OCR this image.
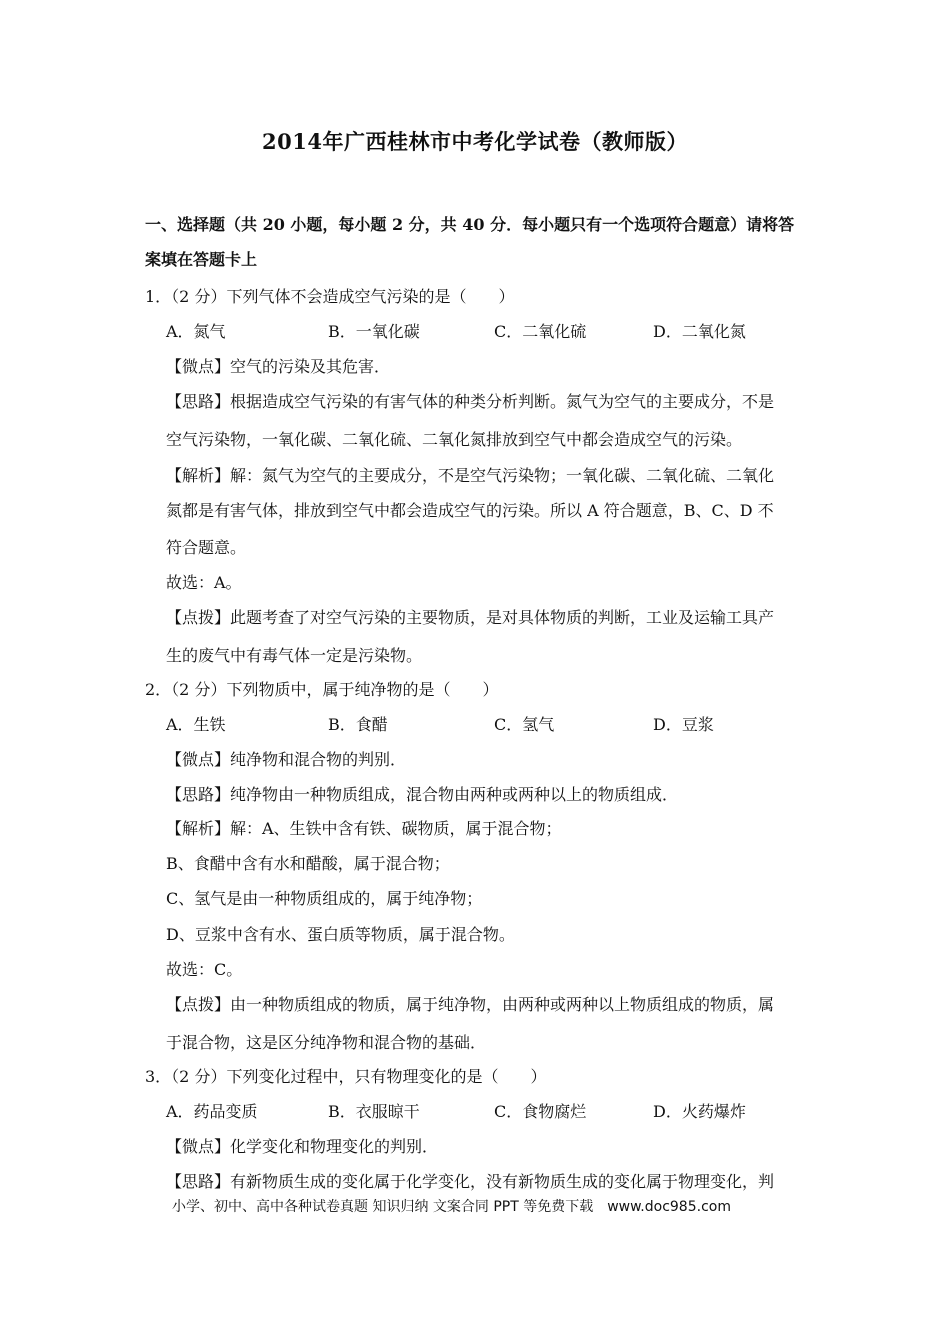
2014年广西桂林市中考化学试卷（教师版）
一、选择题（共 20 小题，每小题 2 分，共 40 分．每小题只有一个选项符合题意）请将答
案填在答题卡上
1．（2 分）下列气体不会造成空气污染的是（　　）
A．氮气	B．一氧化碳	C．二氧化硫	D．二氧化氮
【微点】空气的污染及其危害．
【思路】根据造成空气污染的有害气体的种类分析判断。氮气为空气的主要成分，不是
空气污染物，一氧化碳、二氧化硫、二氧化氮排放到空气中都会造成空气的污染。
【解析】解：氮气为空气的主要成分，不是空气污染物；一氧化碳、二氧化硫、二氧化
氮都是有害气体，排放到空气中都会造成空气的污染。所以 A 符合题意，B、C、D 不
符合题意。
故选：A。
【点拨】此题考查了对空气污染的主要物质，是对具体物质的判断，工业及运输工具产
生的废气中有毒气体一定是污染物。
2．（2 分）下列物质中，属于纯净物的是（　　）
A．生铁	B．食醋	C．氢气	D．豆浆
【微点】纯净物和混合物的判别．
【思路】纯净物由一种物质组成，混合物由两种或两种以上的物质组成．
【解析】解：A、生铁中含有铁、碳物质，属于混合物；
B、食醋中含有水和醋酸，属于混合物；
C、氢气是由一种物质组成的，属于纯净物；
D、豆浆中含有水、蛋白质等物质，属于混合物。
故选：C。
【点拨】由一种物质组成的物质，属于纯净物，由两种或两种以上物质组成的物质，属
于混合物，这是区分纯净物和混合物的基础．
3．（2 分）下列变化过程中，只有物理变化的是（　　）
A．药品变质	B．衣服晾干	C．食物腐烂	D．火药爆炸
【微点】化学变化和物理变化的判别．
【思路】有新物质生成的变化属于化学变化，没有新物质生成的变化属于物理变化，判
小学、初中、高中各种试卷真题 知识归纳 文案合同 PPT 等免费下载　www.doc985.com
